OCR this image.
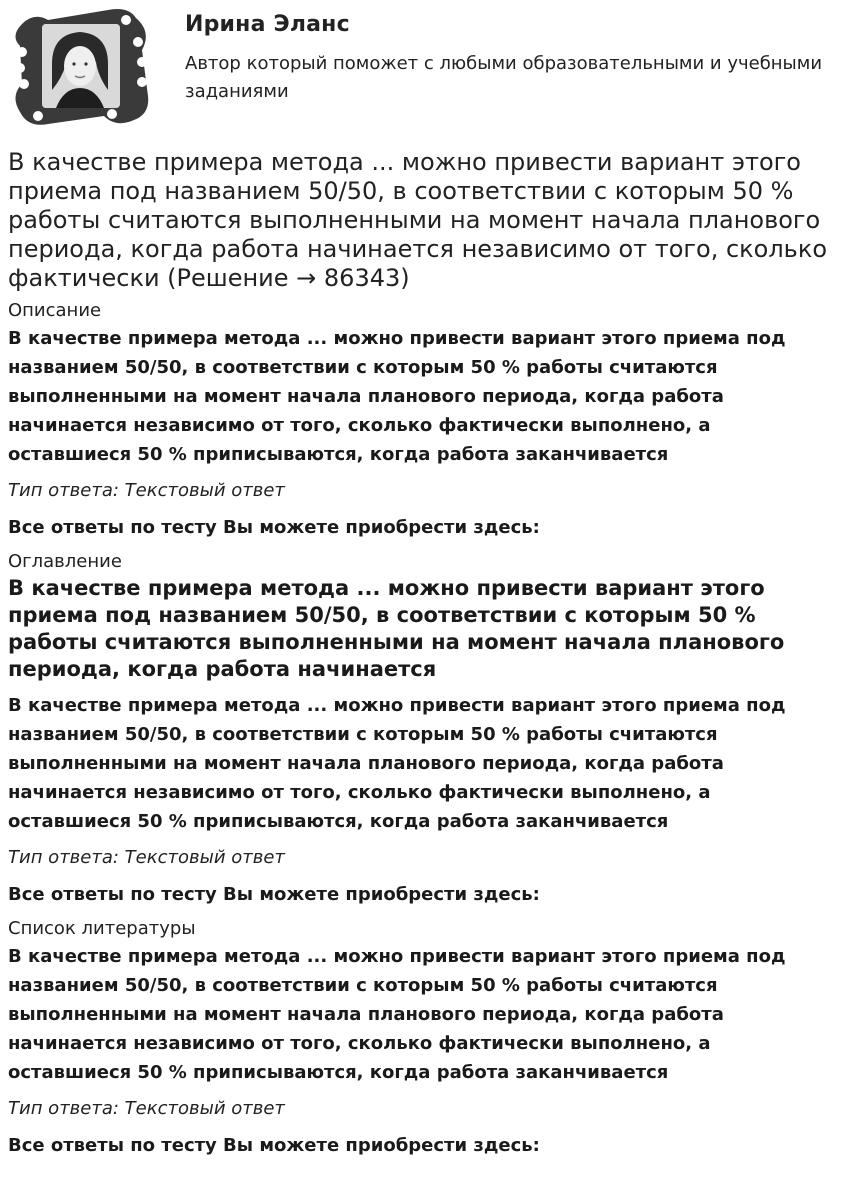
Ирина Эланс
Автор который поможет с любыми образовательными и учебными заданиями
В качестве примера метода ... можно привести вариант этого приема под названием 50/50, в соответствии с которым 50 % работы считаются выполненными на момент начала планового периода, когда работа начинается независимо от того, сколько фактически (Решение → 86343)
Описание
В качестве примера метода ... можно привести вариант этого приема под названием 50/50, в соответствии с которым 50 % работы считаются выполненными на момент начала планового периода, когда работа начинается независимо от того, сколько фактически выполнено, а оставшиеся 50 % приписываются, когда работа заканчивается
Тип ответа: Текстовый ответ
Все ответы по тесту Вы можете приобрести здесь:
Оглавление
В качестве примера метода ... можно привести вариант этого приема под названием 50/50, в соответствии с которым 50 % работы считаются выполненными на момент начала планового периода, когда работа начинается
В качестве примера метода ... можно привести вариант этого приема под названием 50/50, в соответствии с которым 50 % работы считаются выполненными на момент начала планового периода, когда работа начинается независимо от того, сколько фактически выполнено, а оставшиеся 50 % приписываются, когда работа заканчивается
Тип ответа: Текстовый ответ
Все ответы по тесту Вы можете приобрести здесь:
Список литературы
В качестве примера метода ... можно привести вариант этого приема под названием 50/50, в соответствии с которым 50 % работы считаются выполненными на момент начала планового периода, когда работа начинается независимо от того, сколько фактически выполнено, а оставшиеся 50 % приписываются, когда работа заканчивается
Тип ответа: Текстовый ответ
Все ответы по тесту Вы можете приобрести здесь:
